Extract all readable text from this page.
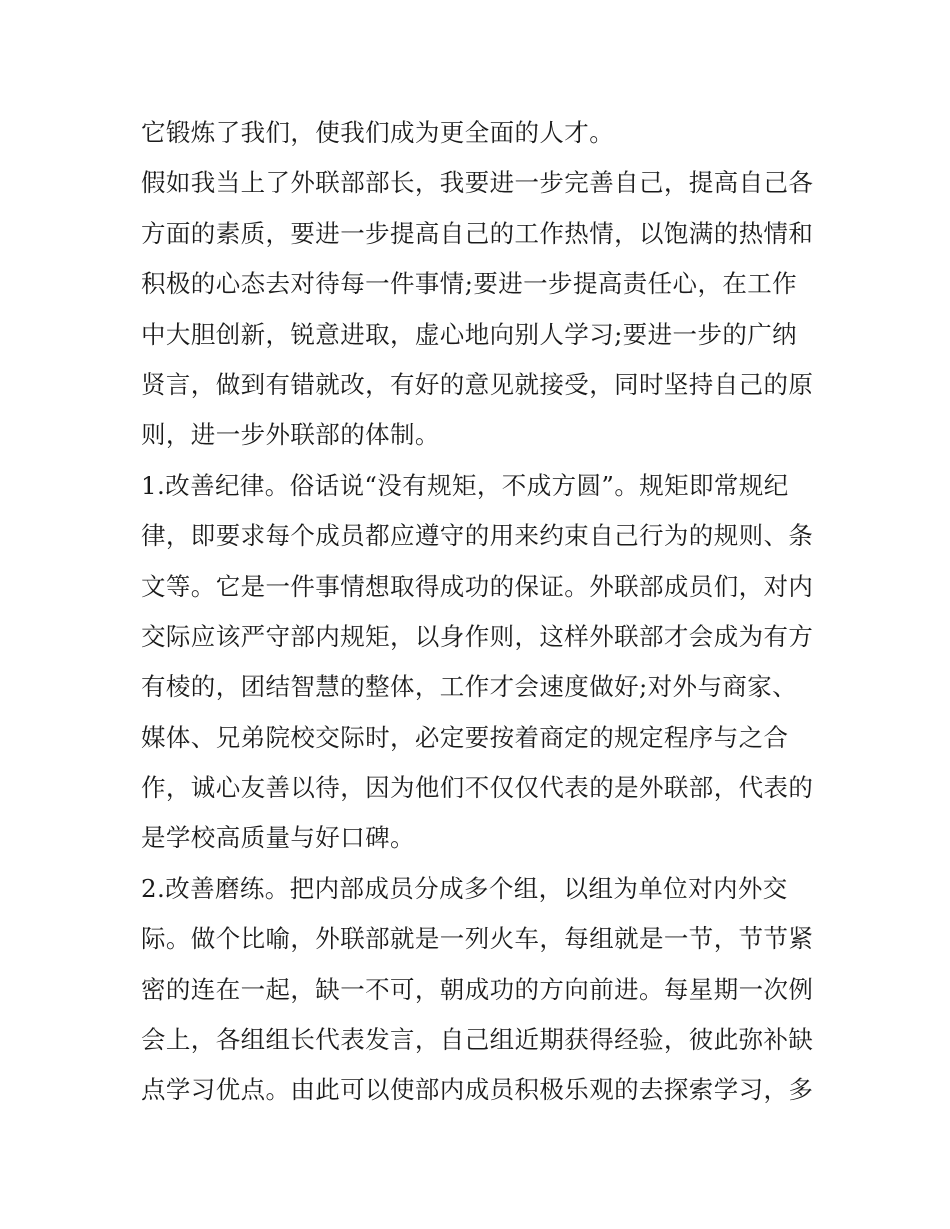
它锻炼了我们，使我们成为更全面的人才。
假如我当上了外联部部长，我要进一步完善自己，提高自己各
方面的素质，要进一步提高自己的工作热情，以饱满的热情和
积极的心态去对待每一件事情;要进一步提高责任心，在工作
中大胆创新，锐意进取，虚心地向别人学习;要进一步的广纳
贤言，做到有错就改，有好的意见就接受，同时坚持自己的原
则，进一步外联部的体制。
1.改善纪律。俗话说“没有规矩，不成方圆”。规矩即常规纪
律，即要求每个成员都应遵守的用来约束自己行为的规则、条
文等。它是一件事情想取得成功的保证。外联部成员们，对内
交际应该严守部内规矩，以身作则，这样外联部才会成为有方
有棱的，团结智慧的整体，工作才会速度做好;对外与商家、
媒体、兄弟院校交际时，必定要按着商定的规定程序与之合
作，诚心友善以待，因为他们不仅仅代表的是外联部，代表的
是学校高质量与好口碑。
2.改善磨练。把内部成员分成多个组，以组为单位对内外交
际。做个比喻，外联部就是一列火车，每组就是一节，节节紧
密的连在一起，缺一不可，朝成功的方向前进。每星期一次例
会上，各组组长代表发言，自己组近期获得经验，彼此弥补缺
点学习优点。由此可以使部内成员积极乐观的去探索学习，多
